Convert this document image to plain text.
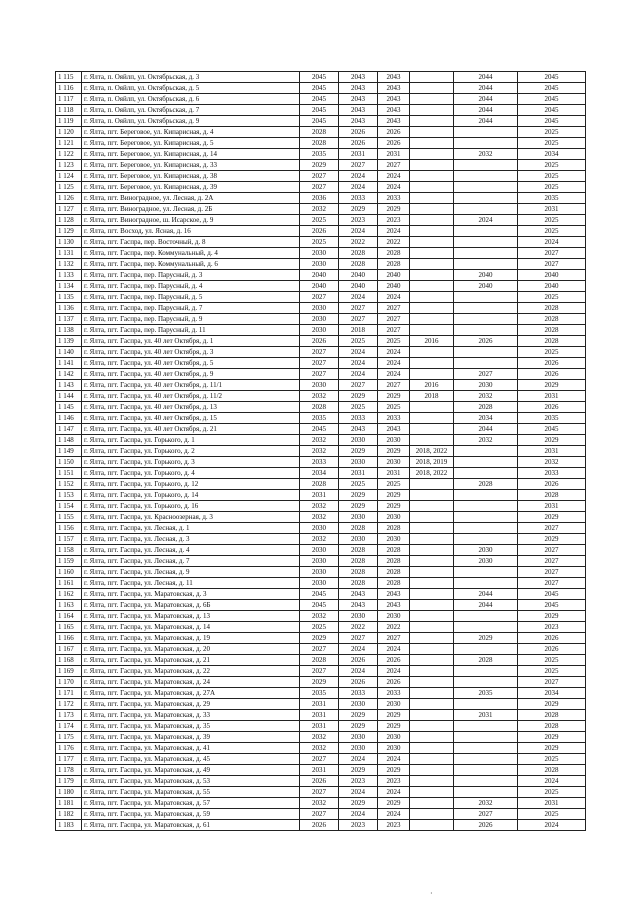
1 115	г. Ялта, п. Ояйлп, ул. Октябрьская, д. 3	2045	2043	2043		2044	2045
1 116	г. Ялта, п. Ояйлп, ул. Октябрьская, д. 5	2045	2043	2043		2044	2045
1 117	г. Ялта, п. Ояйлп, ул. Октябрьская, д. 6	2045	2043	2043		2044	2045
1 118	г. Ялта, п. Ояйлп, ул. Октябрьская, д. 7	2045	2043	2043		2044	2045
1 119	г. Ялта, п. Ояйлп, ул. Октябрьская, д. 9	2045	2043	2043		2044	2045
1 120	г. Ялта, пгт. Береговое, ул. Кипарисная, д. 4	2028	2026	2026			2025
1 121	г. Ялта, пгт. Береговое, ул. Кипарисная, д. 5	2028	2026	2026			2025
1 122	г. Ялта, пгт. Береговое, ул. Кипарисная, д. 14	2035	2031	2031		2032	2034
1 123	г. Ялта, пгт. Береговое, ул. Кипарисная, д. 33	2029	2027	2027			2025
1 124	г. Ялта, пгт. Береговое, ул. Кипарисная, д. 38	2027	2024	2024			2025
1 125	г. Ялта, пгт. Береговое, ул. Кипарисная, д. 39	2027	2024	2024			2025
1 126	г. Ялта, пгт. Виноградное, ул. Лесная, д. 2А	2036	2033	2033			2035
1 127	г. Ялта, пгт. Виноградное, ул. Лесная, д. 2Б	2032	2029	2029			2031
1 128	г. Ялта, пгт. Виноградное, ш. Исарское, д. 9	2025	2023	2023		2024	2025
1 129	г. Ялта, пгт. Восход, ул. Ясная, д. 16	2026	2024	2024			2025
1 130	г. Ялта, пгт. Гаспра, пер. Восточный, д. 8	2025	2022	2022			2024
1 131	г. Ялта, пгт. Гаспра, пер. Коммунальный, д. 4	2030	2028	2028			2027
1 132	г. Ялта, пгт. Гаспра, пер. Коммунальный, д. 6	2030	2028	2028			2027
1 133	г. Ялта, пгт. Гаспра, пер. Парусный, д. 3	2040	2040	2040		2040	2040
1 134	г. Ялта, пгт. Гаспра, пер. Парусный, д. 4	2040	2040	2040		2040	2040
1 135	г. Ялта, пгт. Гаспра, пер. Парусный, д. 5	2027	2024	2024			2025
1 136	г. Ялта, пгт. Гаспра, пер. Парусный, д. 7	2030	2027	2027			2028
1 137	г. Ялта, пгт. Гаспра, пер. Парусный, д. 9	2030	2027	2027			2028
1 138	г. Ялта, пгт. Гаспра, пер. Парусный, д. 11	2030	2018	2027			2028
1 139	г. Ялта, пгт. Гаспра, ул. 40 лет Октября, д. 1	2026	2025	2025	2016	2026	2028
1 140	г. Ялта, пгт. Гаспра, ул. 40 лет Октября, д. 3	2027	2024	2024			2025
1 141	г. Ялта, пгт. Гаспра, ул. 40 лет Октября, д. 5	2027	2024	2024			2026
1 142	г. Ялта, пгт. Гаспра, ул. 40 лет Октября, д. 9	2027	2024	2024		2027	2026
1 143	г. Ялта, пгт. Гаспра, ул. 40 лет Октября, д. 11/1	2030	2027	2027	2016	2030	2029
1 144	г. Ялта, пгт. Гаспра, ул. 40 лет Октября, д. 11/2	2032	2029	2029	2018	2032	2031
1 145	г. Ялта, пгт. Гаспра, ул. 40 лет Октября, д. 13	2028	2025	2025		2028	2026
1 146	г. Ялта, пгт. Гаспра, ул. 40 лет Октября, д. 15	2035	2033	2033		2034	2035
1 147	г. Ялта, пгт. Гаспра, ул. 40 лет Октября, д. 21	2045	2043	2043		2044	2045
1 148	г. Ялта, пгт. Гаспра, ул. Горького, д. 1	2032	2030	2030		2032	2029
1 149	г. Ялта, пгт. Гаспра, ул. Горького, д. 2	2032	2029	2029	2018, 2022		2031
1 150	г. Ялта, пгт. Гаспра, ул. Горького, д. 3	2033	2030	2030	2018, 2019		2032
1 151	г. Ялта, пгт. Гаспра, ул. Горького, д. 4	2034	2031	2031	2018, 2022		2033
1 152	г. Ялта, пгт. Гаспра, ул. Горького, д. 12	2028	2025	2025		2028	2026
1 153	г. Ялта, пгт. Гаспра, ул. Горького, д. 14	2031	2029	2029			2028
1 154	г. Ялта, пгт. Гаспра, ул. Горького, д. 16	2032	2029	2029			2031
1 155	г. Ялта, пгт. Гаспра, ул. Красноозерная, д. 3	2032	2030	2030			2029
1 156	г. Ялта, пгт. Гаспра, ул. Лесная, д. 1	2030	2028	2028			2027
1 157	г. Ялта, пгт. Гаспра, ул. Лесная, д. 3	2032	2030	2030			2029
1 158	г. Ялта, пгт. Гаспра, ул. Лесная, д. 4	2030	2028	2028		2030	2027
1 159	г. Ялта, пгт. Гаспра, ул. Лесная, д. 7	2030	2028	2028		2030	2027
1 160	г. Ялта, пгт. Гаспра, ул. Лесная, д. 9	2030	2028	2028			2027
1 161	г. Ялта, пгт. Гаспра, ул. Лесная, д. 11	2030	2028	2028			2027
1 162	г. Ялта, пгт. Гаспра, ул. Маратовская, д. 3	2045	2043	2043		2044	2045
1 163	г. Ялта, пгт. Гаспра, ул. Маратовская, д. 6Б	2045	2043	2043		2044	2045
1 164	г. Ялта, пгт. Гаспра, ул. Маратовская, д. 13	2032	2030	2030			2029
1 165	г. Ялта, пгт. Гаспра, ул. Маратовская, д. 14	2025	2022	2022			2023
1 166	г. Ялта, пгт. Гаспра, ул. Маратовская, д. 19	2029	2027	2027		2029	2026
1 167	г. Ялта, пгт. Гаспра, ул. Маратовская, д. 20	2027	2024	2024			2026
1 168	г. Ялта, пгт. Гаспра, ул. Маратовская, д. 21	2028	2026	2026		2028	2025
1 169	г. Ялта, пгт. Гаспра, ул. Маратовская, д. 22	2027	2024	2024			2025
1 170	г. Ялта, пгт. Гаспра, ул. Маратовская, д. 24	2029	2026	2026			2027
1 171	г. Ялта, пгт. Гаспра, ул. Маратовская, д. 27А	2035	2033	2033		2035	2034
1 172	г. Ялта, пгт. Гаспра, ул. Маратовская, д. 29	2031	2030	2030			2029
1 173	г. Ялта, пгт. Гаспра, ул. Маратовская, д. 33	2031	2029	2029		2031	2028
1 174	г. Ялта, пгт. Гаспра, ул. Маратовская, д. 35	2031	2029	2029			2028
1 175	г. Ялта, пгт. Гаспра, ул. Маратовская, д. 39	2032	2030	2030			2029
1 176	г. Ялта, пгт. Гаспра, ул. Маратовская, д. 41	2032	2030	2030			2029
1 177	г. Ялта, пгт. Гаспра, ул. Маратовская, д. 45	2027	2024	2024			2025
1 178	г. Ялта, пгт. Гаспра, ул. Маратовская, д. 49	2031	2029	2029			2028
1 179	г. Ялта, пгт. Гаспра, ул. Маратовская, д. 53	2026	2023	2023			2024
1 180	г. Ялта, пгт. Гаспра, ул. Маратовская, д. 55	2027	2024	2024			2025
1 181	г. Ялта, пгт. Гаспра, ул. Маратовская, д. 57	2032	2029	2029		2032	2031
1 182	г. Ялта, пгт. Гаспра, ул. Маратовская, д. 59	2027	2024	2024		2027	2025
1 183	г. Ялта, пгт. Гаспра, ул. Маратовская, д. 61	2026	2023	2023		2026	2024
·
